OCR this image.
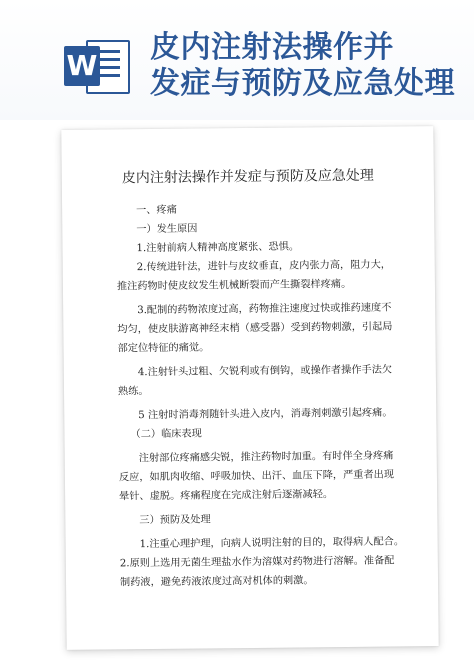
W
皮内注射法操作并
发症与预防及应急处理
皮内注射法操作并发症与预防及应急处理
一、疼痛
一）发生原因
1.注射前病人精神高度紧张、恐惧。
2.传统进针法，进针与皮纹垂直，皮内张力高，阻力大，
推注药物时使皮纹发生机械断裂而产生撕裂样疼痛。
3.配制的药物浓度过高，药物推注速度过快或推药速度不
均匀，使皮肤游离神经末梢（感受器）受到药物刺激，引起局
部定位特征的痛觉。
4.注射针头过粗、欠锐利或有倒钩，或操作者操作手法欠
熟练。
5 注射时消毒剂随针头进入皮内，消毒剂刺激引起疼痛。
（二）临床表现
注射部位疼痛感尖锐，推注药物时加重。有时伴全身疼痛
反应，如肌肉收缩、呼吸加快、出汗、血压下降，严重者出现
晕针、虚脱。疼痛程度在完成注射后逐渐减轻。
三）预防及处理
1.注重心理护理，向病人说明注射的目的，取得病人配合。
2.原则上选用无菌生理盐水作为溶媒对药物进行溶解。准备配
制药液，避免药液浓度过高对机体的刺激。
